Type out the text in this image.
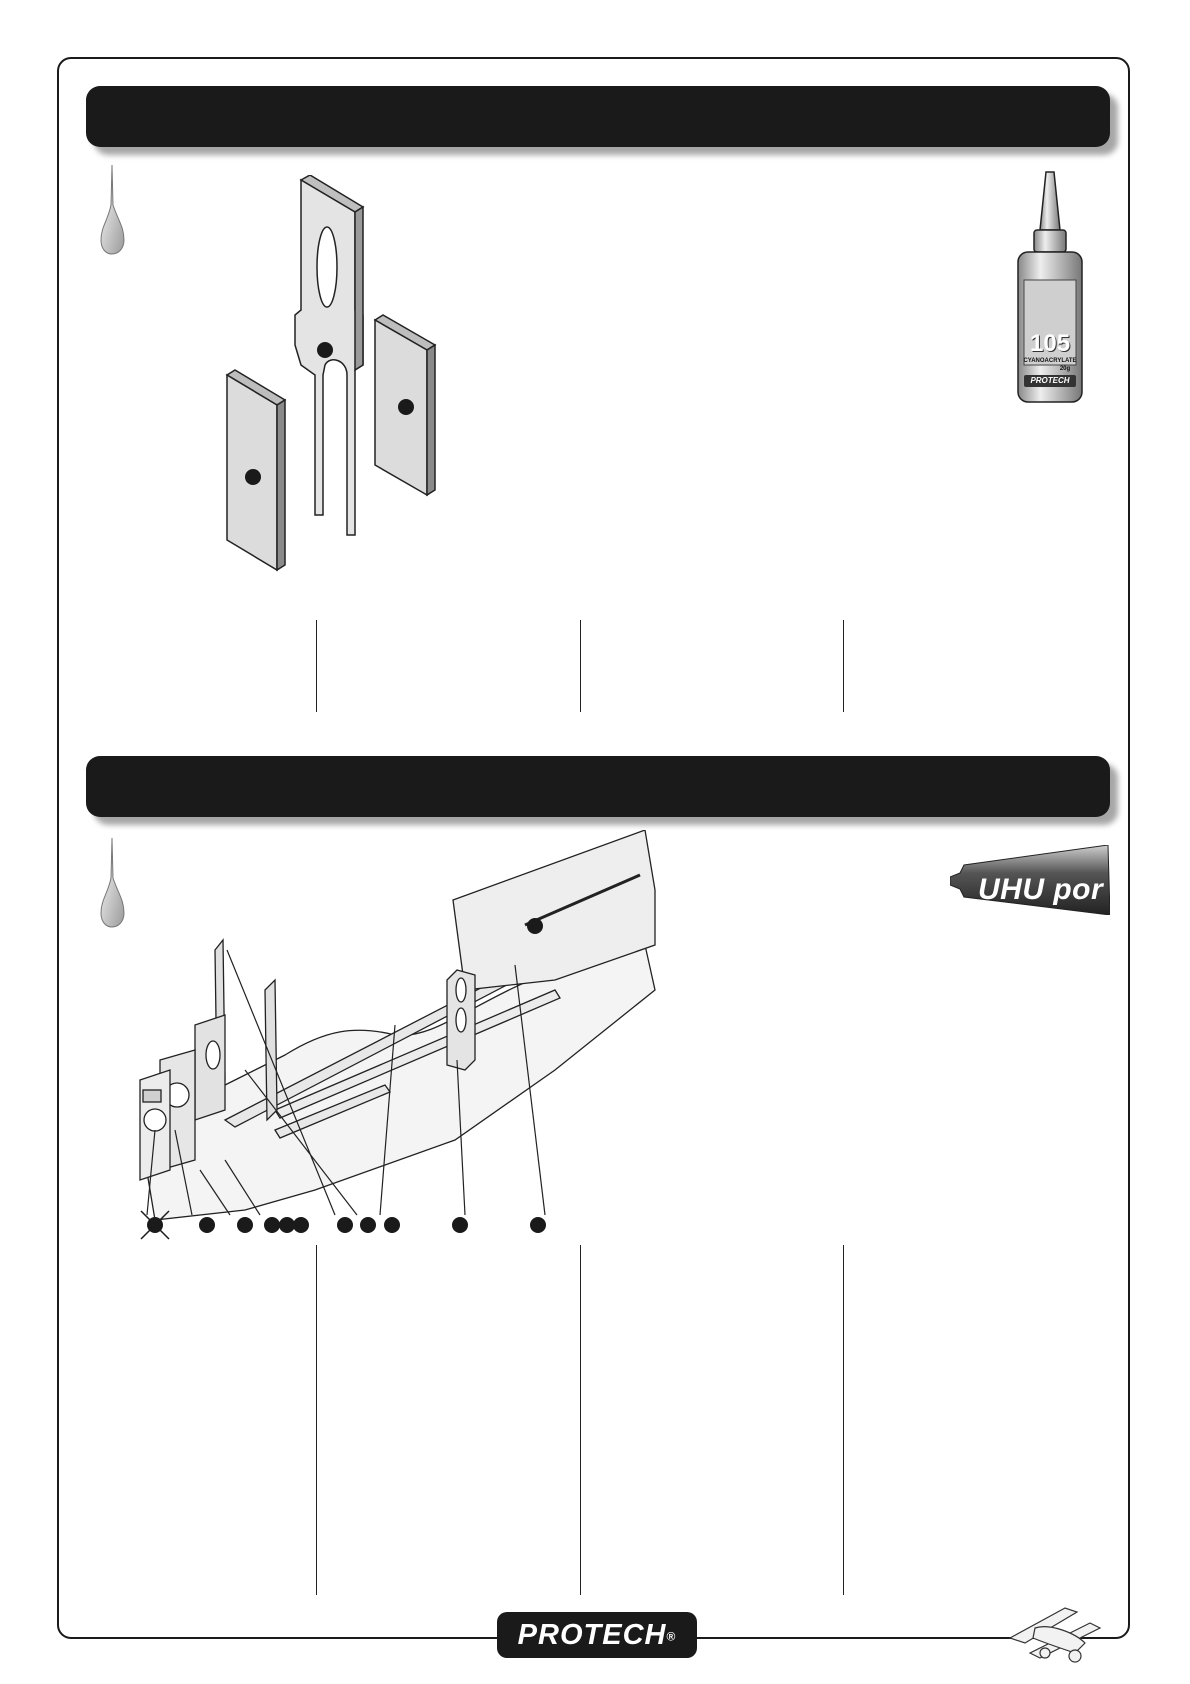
105
CYANOACRYLATE
20g
PROTECH
UHU por
PROTECH®
